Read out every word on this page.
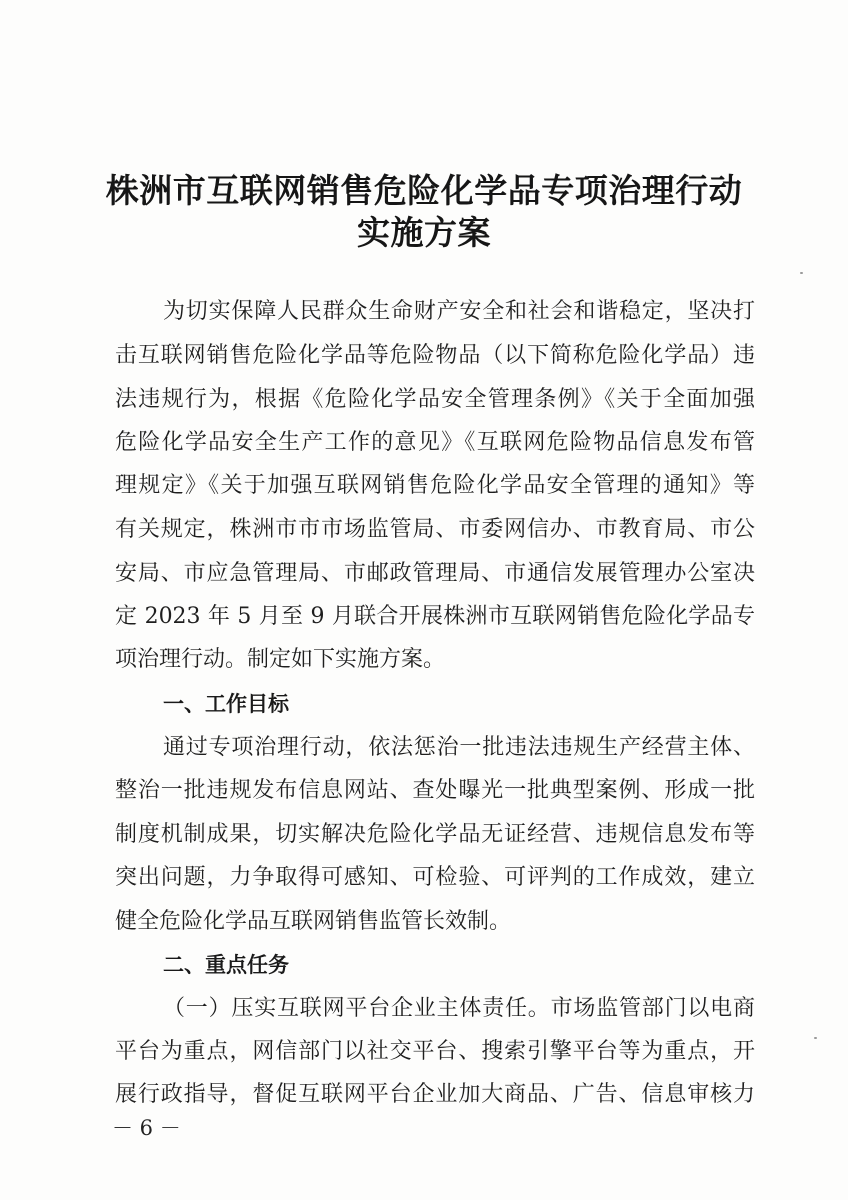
株洲市互联网销售危险化学品专项治理行动
实施方案
为切实保障人民群众生命财产安全和社会和谐稳定，坚决打
击互联网销售危险化学品等危险物品（以下简称危险化学品）违
法违规行为，根据《危险化学品安全管理条例》《关于全面加强
危险化学品安全生产工作的意见》《互联网危险物品信息发布管
理规定》《关于加强互联网销售危险化学品安全管理的通知》等
有关规定，株洲市市市场监管局、市委网信办、市教育局、市公
安局、市应急管理局、市邮政管理局、市通信发展管理办公室决
定 2023 年 5 月至 9 月联合开展株洲市互联网销售危险化学品专
项治理行动。制定如下实施方案。
一、工作目标
通过专项治理行动，依法惩治一批违法违规生产经营主体、
整治一批违规发布信息网站、查处曝光一批典型案例、形成一批
制度机制成果，切实解决危险化学品无证经营、违规信息发布等
突出问题，力争取得可感知、可检验、可评判的工作成效，建立
健全危险化学品互联网销售监管长效制。
二、重点任务
（一）压实互联网平台企业主体责任。市场监管部门以电商
平台为重点，网信部门以社交平台、搜索引擎平台等为重点，开
展行政指导，督促互联网平台企业加大商品、广告、信息审核力
－ 6 －
